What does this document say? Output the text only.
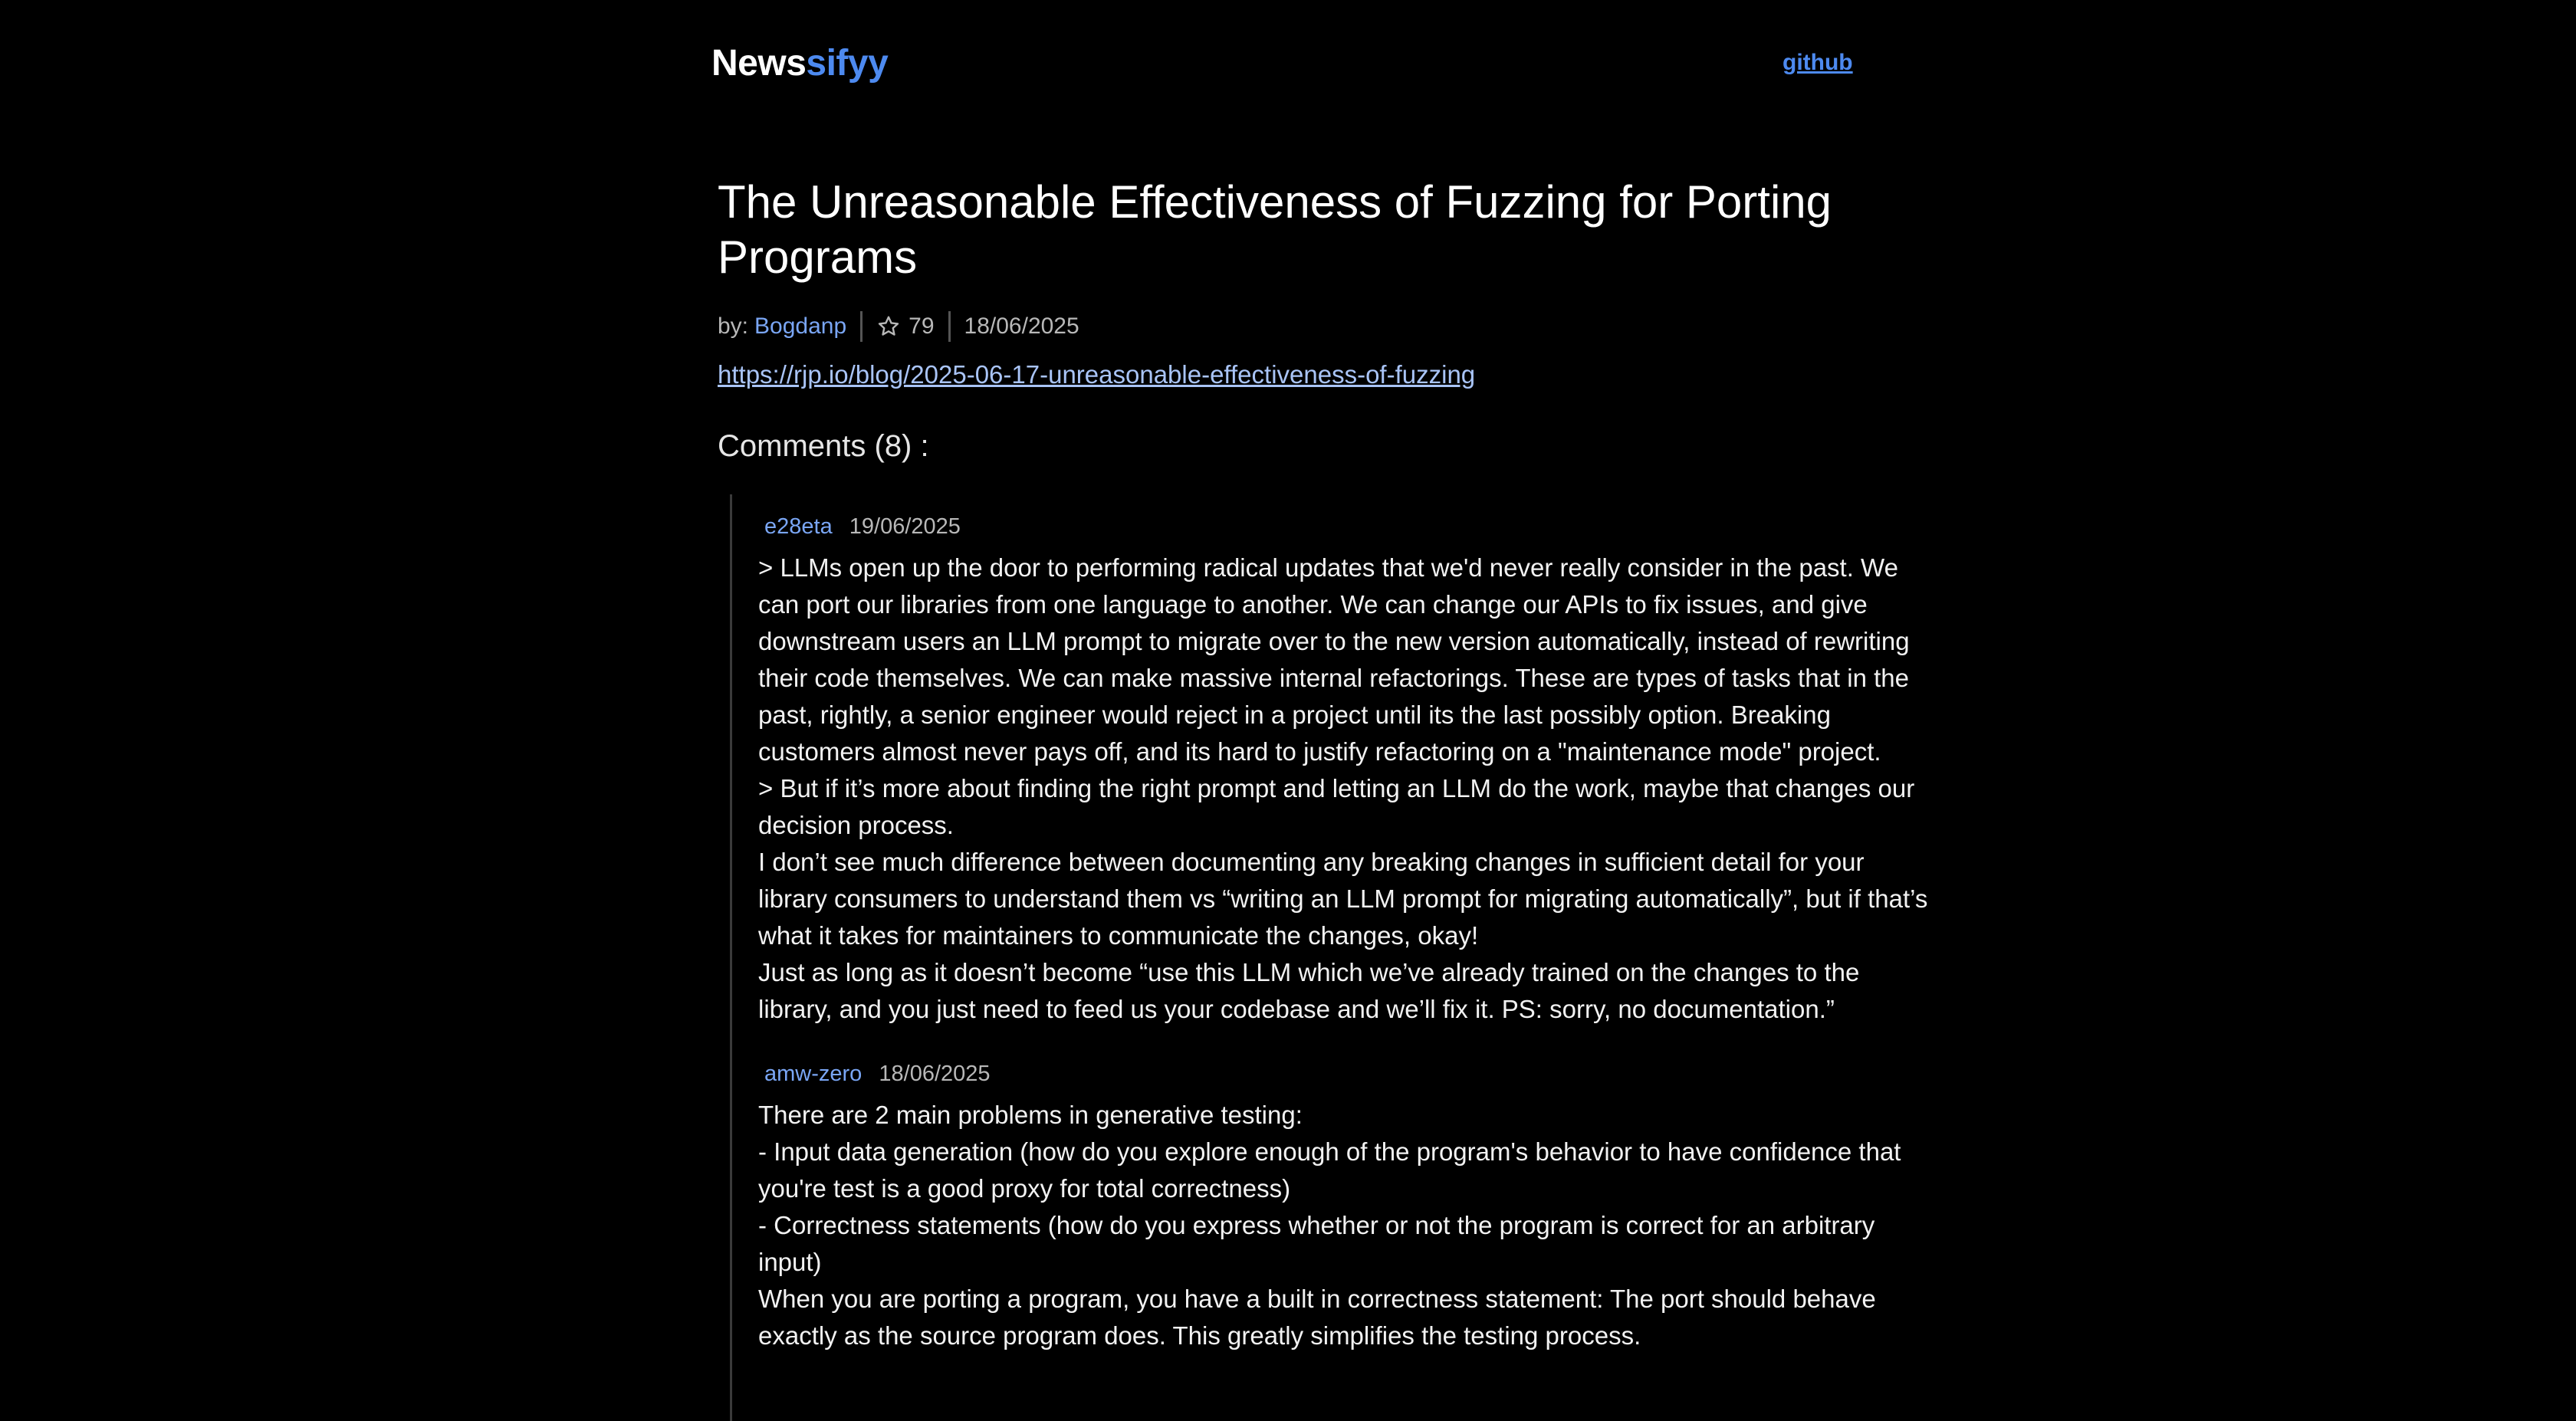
Newssifyy	github
The Unreasonable Effectiveness of Fuzzing for Porting Programs
by: Bogdanp	79 18/06/2025
https://rjp.io/blog/2025-06-17-unreasonable-effectiveness-of-fuzzing
Comments (8) :
e28eta 19/06/2025

> LLMs open up the door to performing radical updates that we'd never really consider in the past. We can port our libraries from one language to another. We can change our APIs to fix issues, and give downstream users an LLM prompt to migrate over to the new version automatically, instead of rewriting their code themselves. We can make massive internal refactorings. These are types of tasks that in the past, rightly, a senior engineer would reject in a project until its the last possibly option. Breaking customers almost never pays off, and its hard to justify refactoring on a "maintenance mode" project.

> But if it’s more about finding the right prompt and letting an LLM do the work, maybe that changes our decision process.

I don’t see much difference between documenting any breaking changes in sufficient detail for your library consumers to understand them vs “writing an LLM prompt for migrating automatically”, but if that’s what it takes for maintainers to communicate the changes, okay!

Just as long as it doesn’t become “use this LLM which we’ve already trained on the changes to the library, and you just need to feed us your codebase and we’ll fix it. PS: sorry, no documentation.”

amw-zero 18/06/2025

There are 2 main problems in generative testing:

- Input data generation (how do you explore enough of the program's behavior to have confidence that you're test is a good proxy for total correctness)

- Correctness statements (how do you express whether or not the program is correct for an arbitrary input)

When you are porting a program, you have a built in correctness statement: The port should behave exactly as the source program does. This greatly simplifies the testing process.
